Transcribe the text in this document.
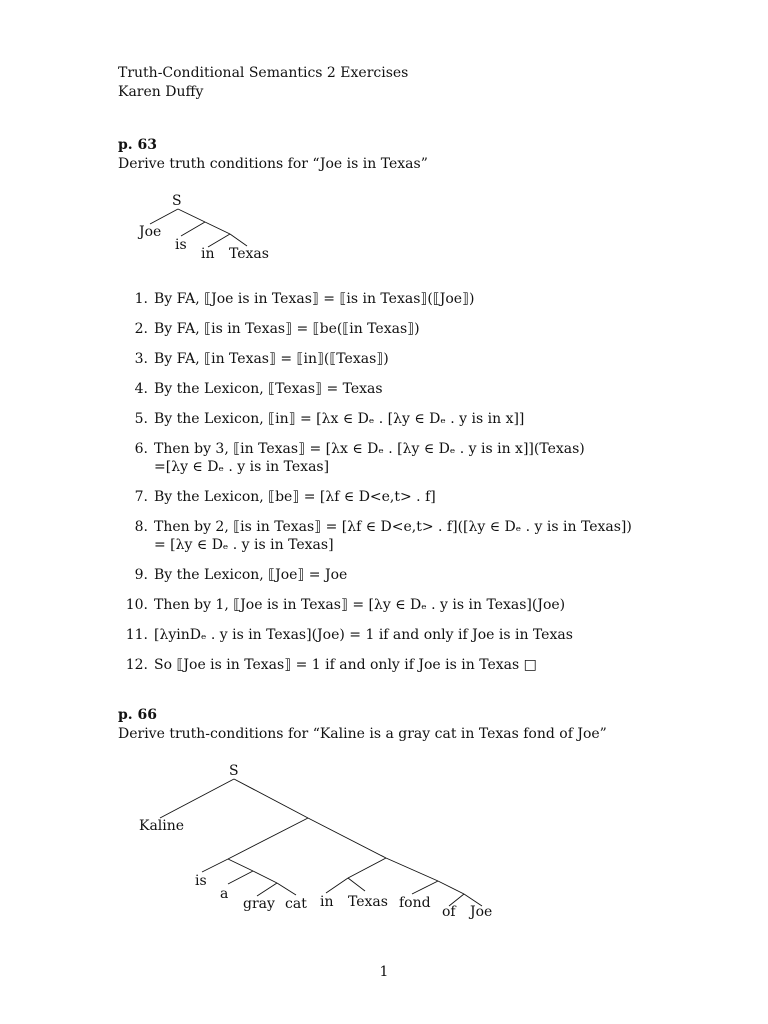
Truth-Conditional Semantics 2 Exercises
Karen Duffy
p. 63
Derive truth conditions for “Joe is in Texas”
S
Joe
is
in Texas
1. By FA, ⟦Joe is in Texas⟧ = ⟦is in Texas⟧(⟦Joe⟧)
2. By FA, ⟦is in Texas⟧ = ⟦be(⟦in Texas⟧)
3. By FA, ⟦in Texas⟧ = ⟦in⟧(⟦Texas⟧)
4. By the Lexicon, ⟦Texas⟧ = Texas
5. By the Lexicon, ⟦in⟧ = [λx ∈ Dₑ . [λy ∈ Dₑ . y is in x]]
6. Then by 3, ⟦in Texas⟧ = [λx ∈ Dₑ . [λy ∈ Dₑ . y is in x]](Texas)
=[λy ∈ Dₑ . y is in Texas]
7. By the Lexicon, ⟦be⟧ = [λf ∈ D<e,t> . f]
8. Then by 2, ⟦is in Texas⟧ = [λf ∈ D<e,t> . f]([λy ∈ Dₑ . y is in Texas])
= [λy ∈ Dₑ . y is in Texas]
9. By the Lexicon, ⟦Joe⟧ = Joe
10. Then by 1, ⟦Joe is in Texas⟧ = [λy ∈ Dₑ . y is in Texas](Joe)
11. [λyinDₑ . y is in Texas](Joe) = 1 if and only if Joe is in Texas
12. So ⟦Joe is in Texas⟧ = 1 if and only if Joe is in Texas □
p. 66
Derive truth-conditions for “Kaline is a gray cat in Texas fond of Joe”
S
Kaline
is
a
gray cat in Texas fond
of Joe
1
